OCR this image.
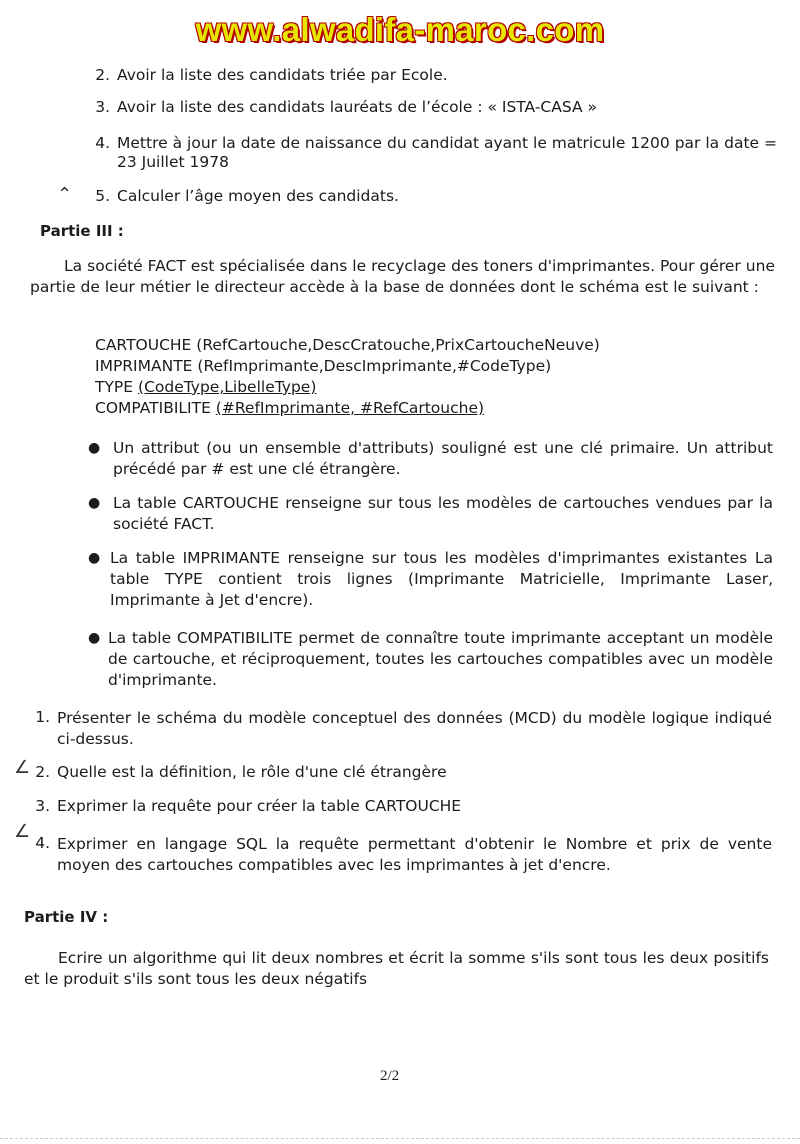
www.alwadifa-maroc.com
2. Avoir la liste des candidats triée par Ecole.
3. Avoir la liste des candidats lauréats de l’école : « ISTA-CASA »
4. Mettre à jour la date de naissance du candidat ayant le matricule 1200 par la date = 23 Juillet 1978
5. Calculer l’âge moyen des candidats.
⌃
Partie III :
La société FACT est spécialisée dans le recyclage des toners d'imprimantes. Pour gérer une partie de leur métier le directeur accède à la base de données dont le schéma est le suivant :
CARTOUCHE (RefCartouche,DescCratouche,PrixCartoucheNeuve)
IMPRIMANTE (RefImprimante,DescImprimante,#CodeType)
TYPE (CodeType,LibelleType)
COMPATIBILITE (#RefImprimante, #RefCartouche)
● Un attribut (ou un ensemble d'attributs) souligné est une clé primaire. Un attribut précédé par # est une clé étrangère.
● La table CARTOUCHE renseigne sur tous les modèles de cartouches vendues par la société FACT.
● La table IMPRIMANTE renseigne sur tous les modèles d'imprimantes existantes La table TYPE contient trois lignes (Imprimante Matricielle, Imprimante Laser, Imprimante à Jet d'encre).
● La table COMPATIBILITE permet de connaître toute imprimante acceptant un modèle de cartouche, et réciproquement, toutes les cartouches compatibles avec un modèle d'imprimante.
1. Présenter le schéma du modèle conceptuel des données (MCD) du modèle logique indiqué ci-dessus.
2. Quelle est la définition, le rôle d'une clé étrangère
3. Exprimer la requête pour créer la table CARTOUCHE
4. Exprimer en langage SQL la requête permettant d'obtenir le Nombre et prix de vente moyen des cartouches compatibles avec les imprimantes à jet d'encre.
∠
∠
Partie IV :
Ecrire un algorithme qui lit deux nombres et écrit la somme s'ils sont tous les deux positifs et le produit s'ils sont tous les deux négatifs
2/2
